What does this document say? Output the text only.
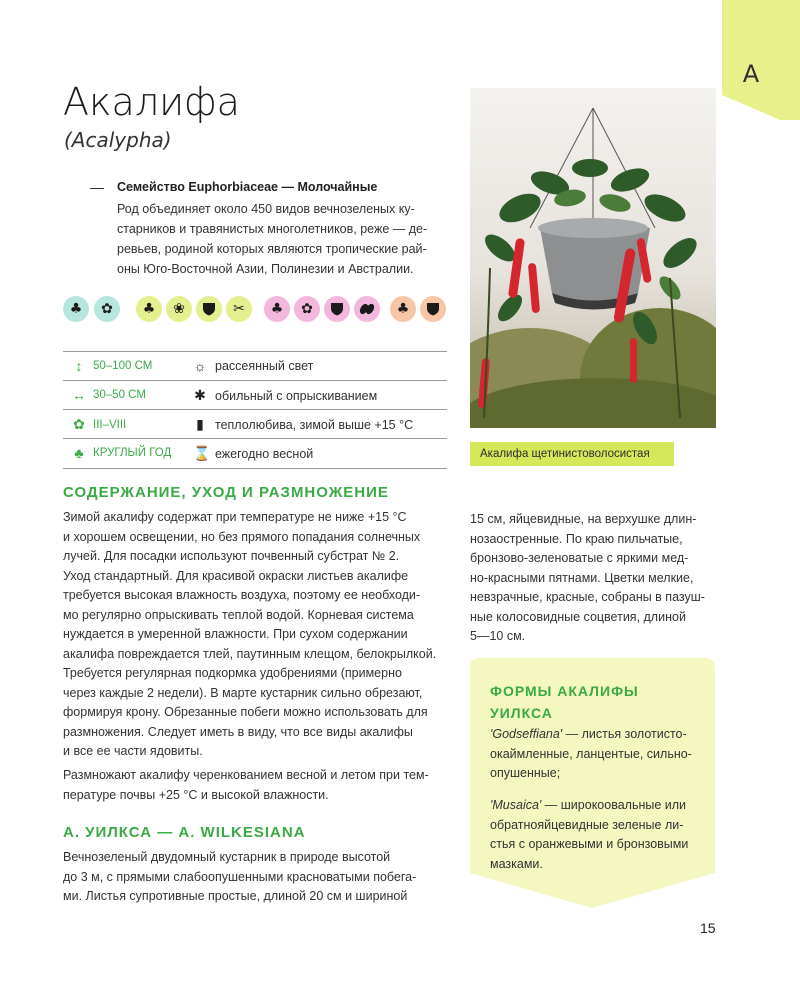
А
Акалифа
(Acalypha)
Семейство Euphorbiaceae — Молочайные
Род объединяет около 450 видов вечнозеленых ку-
старников и травянистых многолетников, реже — де-
ревьев, родиной которых являются тропические рай-
оны Юго-Восточной Азии, Полинезии и Австралии.
♣	✿	♣	❀	✂	♣	✿	♣
↕ 50–100 СМ	☼ рассеянный свет
↔ 30–50 СМ	✱ обильный с опрыскиванием
✿ III–VIII	▮ теплолюбива, зимой выше +15 °С
♣ КРУГЛЫЙ ГОД ⌛ ежегодно весной	Акалифа щетинистоволосистая
СОДЕРЖАНИЕ, УХОД И РАЗМНОЖЕНИЕ
Зимой акалифу содержат при температуре не ниже +15 °С
и хорошем освещении, но без прямого попадания солнечных
лучей. Для посадки используют почвенный субстрат № 2.
Уход стандартный. Для красивой окраски листьев акалифе
требуется высокая влажность воздуха, поэтому ее необходи-
мо регулярно опрыскивать теплой водой. Корневая система
нуждается в умеренной влажности. При сухом содержании
акалифа повреждается тлей, паутинным клещом, белокрылкой.
Требуется регулярная подкормка удобрениями (примерно
через каждые 2 недели). В марте кустарник сильно обрезают,
формируя крону. Обрезанные побеги можно использовать для
размножения. Следует иметь в виду, что все виды акалифы
и все ее части ядовиты.
Размножают акалифу черенкованием весной и летом при тем-
пературе почвы +25 °С и высокой влажности.
А. УИЛКСА — А. WILKESIANA
Вечнозеленый двудомный кустарник в природе высотой
до 3 м, с прямыми слабоопушенными красноватыми побега-
ми. Листья супротивные простые, длиной 20 см и шириной
15 см, яйцевидные, на верхушке длин-
нозаостренные. По краю пильчатые,
бронзово-зеленоватые с яркими мед-
но-красными пятнами. Цветки мелкие,
невзрачные, красные, собраны в пазуш-
ные колосовидные соцветия, длиной
5—10 см.
ФОРМЫ АКАЛИФЫ
УИЛКСА
'Godseffiana' — листья золотисто-
окаймленные, ланцентые, сильно-
опушенные;
'Musaica' — широкоовальные или
обратнояйцевидные зеленые ли-
стья с оранжевыми и бронзовыми
мазками.
15
